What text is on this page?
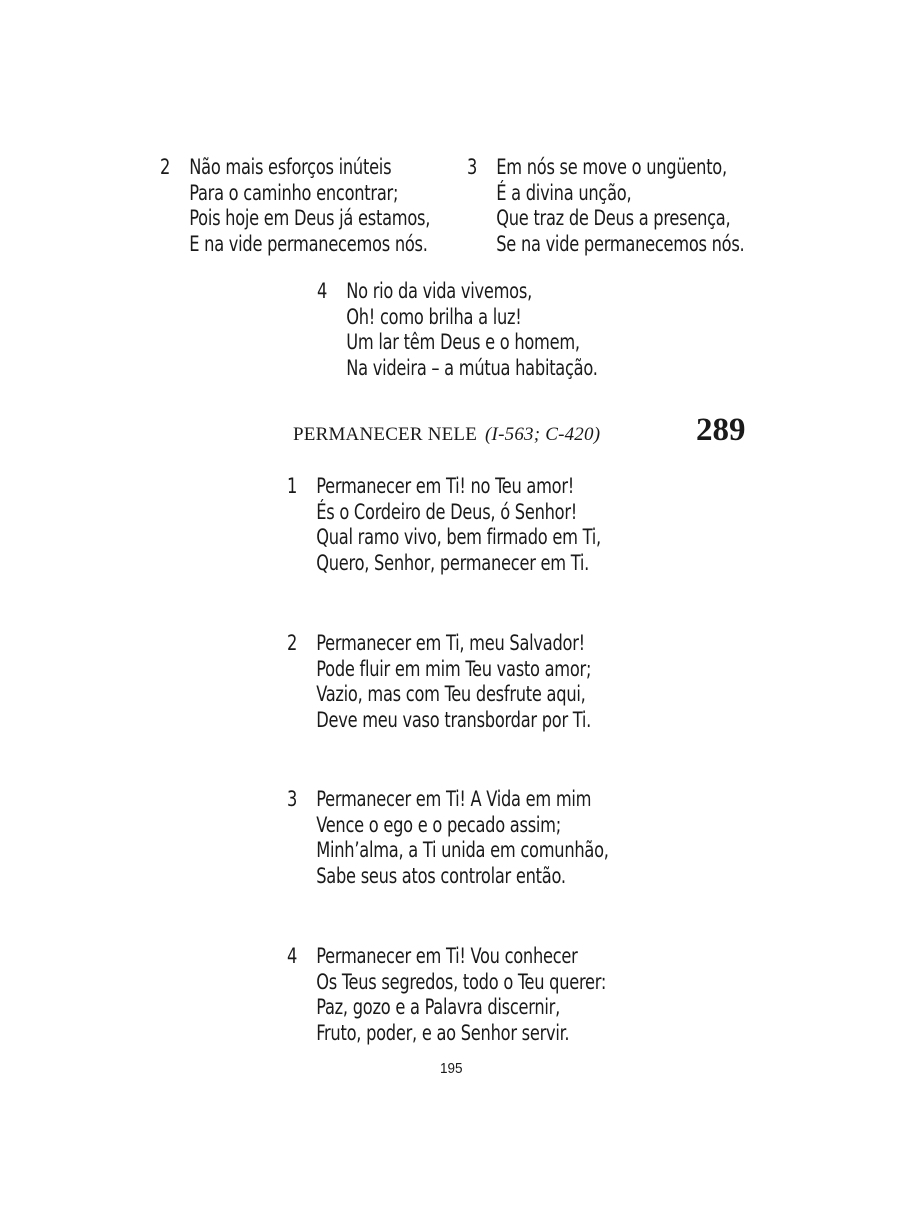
2 Não mais esforços inúteis
Para o caminho encontrar;
Pois hoje em Deus já estamos,
E na vide permanecemos nós.
3 Em nós se move o ungüento,
É a divina unção,
Que traz de Deus a presença,
Se na vide permanecemos nós.
4 No rio da vida vivemos,
Oh! como brilha a luz!
Um lar têm Deus e o homem,
Na videira – a mútua habitação.
PERMANECER NELE (I-563; C-420)	289
1 Permanecer em Ti! no Teu amor!
És o Cordeiro de Deus, ó Senhor!
Qual ramo vivo, bem firmado em Ti,
Quero, Senhor, permanecer em Ti.
2 Permanecer em Ti, meu Salvador!
Pode fluir em mim Teu vasto amor;
Vazio, mas com Teu desfrute aqui,
Deve meu vaso transbordar por Ti.
3 Permanecer em Ti! A Vida em mim
Vence o ego e o pecado assim;
Minh’alma, a Ti unida em comunhão,
Sabe seus atos controlar então.
4 Permanecer em Ti! Vou conhecer
Os Teus segredos, todo o Teu querer:
Paz, gozo e a Palavra discernir,
Fruto, poder, e ao Senhor servir.
195
